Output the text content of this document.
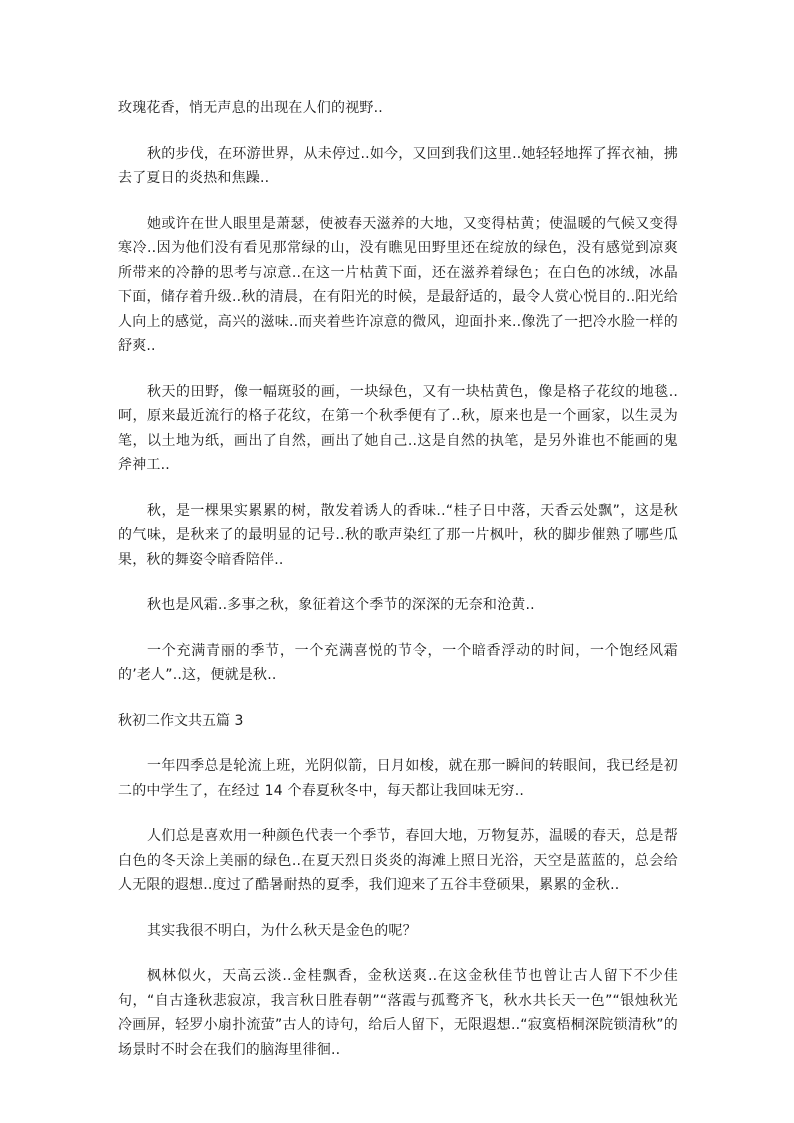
玫瑰花香，悄无声息的出现在人们的视野..

秋的步伐，在环游世界，从未停过..如今，又回到我们这里..她轻轻地挥了挥衣袖，拂去了夏日的炎热和焦躁..

她或许在世人眼里是萧瑟，使被春天滋养的大地，又变得枯黄；使温暖的气候又变得寒冷..因为他们没有看见那常绿的山，没有瞧见田野里还在绽放的绿色，没有感觉到凉爽所带来的冷静的思考与凉意..在这一片枯黄下面，还在滋养着绿色；在白色的冰绒，冰晶下面，储存着升级..秋的清晨，在有阳光的时候，是最舒适的，最令人赏心悦目的..阳光给人向上的感觉，高兴的滋味..而夹着些许凉意的微风，迎面扑来..像洗了一把冷水脸一样的舒爽..

秋天的田野，像一幅斑驳的画，一块绿色，又有一块枯黄色，像是格子花纹的地毯..呵，原来最近流行的格子花纹，在第一个秋季便有了..秋，原来也是一个画家，以生灵为笔，以土地为纸，画出了自然，画出了她自己..这是自然的执笔，是另外谁也不能画的鬼斧神工..

秋，是一棵果实累累的树，散发着诱人的香味..“桂子日中落，天香云处飘”，这是秋的气味，是秋来了的最明显的记号..秋的歌声染红了那一片枫叶，秋的脚步催熟了哪些瓜果，秋的舞姿令暗香陪伴..

秋也是风霜..多事之秋，象征着这个季节的深深的无奈和沧黄..

一个充满青丽的季节，一个充满喜悦的节令，一个暗香浮动的时间，一个饱经风霜的’老人”..这，便就是秋..

秋初二作文共五篇 3

一年四季总是轮流上班，光阴似箭，日月如梭，就在那一瞬间的转眼间，我已经是初二的中学生了，在经过 14 个春夏秋冬中，每天都让我回味无穷..

人们总是喜欢用一种颜色代表一个季节，春回大地，万物复苏，温暖的春天，总是帮白色的冬天涂上美丽的绿色..在夏天烈日炎炎的海滩上照日光浴，天空是蓝蓝的，总会给人无限的遐想..度过了酷暑耐热的夏季，我们迎来了五谷丰登硕果，累累的金秋..

其实我很不明白，为什么秋天是金色的呢？

枫林似火，天高云淡..金桂飘香，金秋送爽..在这金秋佳节也曾让古人留下不少佳句，“自古逢秋悲寂凉，我言秋日胜春朝”“落霞与孤鹜齐飞，秋水共长天一色”“银烛秋光冷画屏，轻罗小扇扑流萤”古人的诗句，给后人留下，无限遐想..“寂寞梧桐深院锁清秋”的场景时不时会在我们的脑海里徘徊..
